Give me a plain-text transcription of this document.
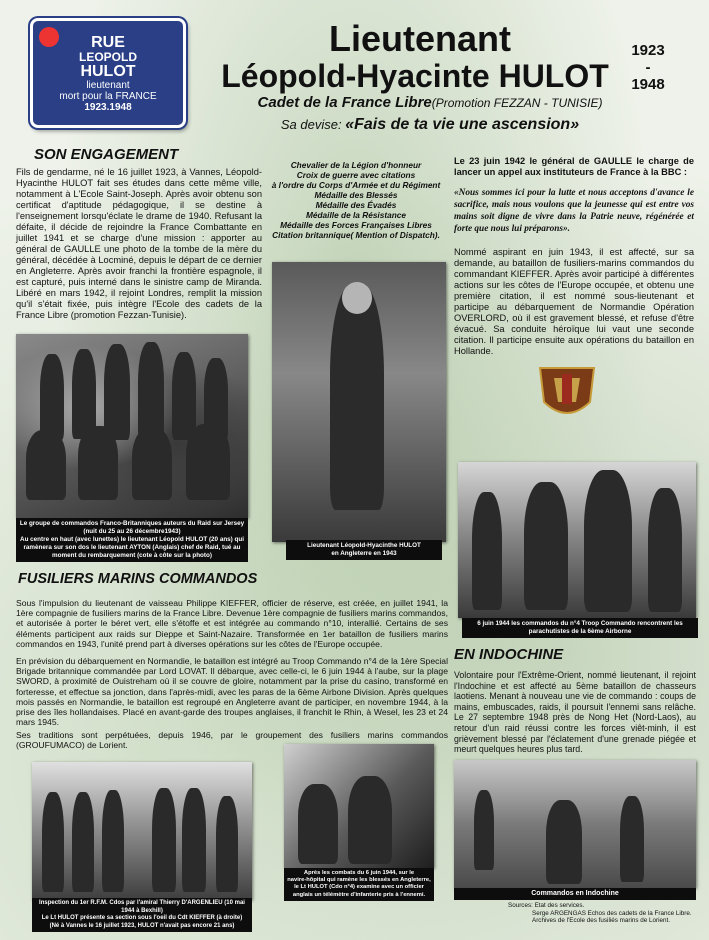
RUE
LEOPOLD
HULOT
lieutenant
mort pour la FRANCE
1923.1948
Lieutenant
Léopold-Hyacinte HULOT
1923
-
1948
Cadet de la France Libre(Promotion FEZZAN - TUNISIE)
Sa devise: «Fais de ta vie une ascension»
SON ENGAGEMENT
Fils de gendarme, né le 16 juillet 1923, à Vannes, Léopold-Hyacinthe HULOT fait ses études dans cette même ville, notamment à L'Ecole Saint-Joseph. Après avoir obtenu son certificat d'aptitude pédagogique, il se destine à l'enseignement lorsqu'éclate le drame de 1940. Refusant la défaite, il décide de rejoindre la France Combattante en juillet 1941 et se charge d'une mission : apporter au général de GAULLE une photo de la tombe de la mère du général, décédée à Locminé, depuis le départ de ce dernier en Angleterre. Après avoir franchi la frontière espagnole, il est capturé, puis interné dans le sinistre camp de Miranda. Libéré en mars 1942, il rejoint Londres, remplit la mission qu'il s'était fixée, puis intègre l'Ecole des cadets de la France Libre (promotion Fezzan-Tunisie).
Chevalier de la Légion d'honneur
Croix de guerre avec citations
à l'ordre du Corps d'Armée et du Régiment
Médaille des Blessés
Médaille des Évadés
Médaille de la Résistance
Médaille des Forces Françaises Libres
Citation britannique( Mention of Dispatch).
Le 23 juin 1942 le général de GAULLE le charge de lancer un appel aux instituteurs de France à la BBC :
«Nous sommes ici pour la lutte et nous acceptons d'avance le sacrifice, mais nous voulons que la jeunesse qui est entre vos mains soit digne de vivre dans la Patrie neuve, régénérée et forte que nous lui préparons».
Nommé aspirant en juin 1943, il est affecté, sur sa demande, au bataillon de fusiliers-marins commandos du commandant KIEFFER. Après avoir participé à différentes actions sur les côtes de l'Europe occupée, et obtenu une première citation, il est nommé sous-lieutenant et participe au débarquement de Normandie Opération OVERLORD, où il est gravement blessé, et refuse d'être évacué. Sa conduite héroïque lui vaut une seconde citation. Il participe ensuite aux opérations du bataillon en Hollande.
Le groupe de commandos Franco-Britanniques auteurs du Raid sur Jersey
(nuit du 25 au 26 décembre1943)
Au centre en haut (avec lunettes) le lieutenant Léopold HULOT (20 ans) qui ramènera sur son dos le lieutenant AYTON (Anglais) chef de Raid, tué au moment du rembarquement (cote à côte sur la photo)
Lieutenant Léopold-Hyacinthe HULOT
en Angleterre en 1943
6 juin 1944 les commandos du n°4 Troop Commando rencontrent les
parachutistes de la 6ème Airborne
FUSILIERS MARINS COMMANDOS
Sous l'impulsion du lieutenant de vaisseau Philippe KIEFFER, officier de réserve, est créée, en juillet 1941, la 1ère compagnie de fusiliers marins de la France Libre. Devenue 1ère compagnie de fusiliers marins commandos, et autorisée à porter le béret vert, elle s'étoffe et est intégrée au commando n°10, interallié. Certains de ses éléments participent aux raids sur Dieppe et Saint-Nazaire. Transformée en 1er bataillon de fusiliers marins commandos en 1943, l'unité prend part à diverses opérations sur les côtes de l'Europe occupée.
En prévision du débarquement en Normandie, le bataillon est intégré au Troop Commando n°4 de la 1ère Special Brigade britannique commandée par Lord LOVAT. Il débarque, avec celle-ci, le 6 juin 1944 à l'aube, sur la plage SWORD, à proximité de Ouistreham où il se couvre de gloire, notamment par la prise du casino, transformé en forteresse, et effectue sa jonction, dans l'après-midi, avec les paras de la 6ème Airbone Division. Après quelques mois passés en Normandie, le bataillon est regroupé en Angleterre avant de participer, en novembre 1944, à la prise des îles hollandaises. Placé en avant-garde des troupes anglaises, il franchit le Rhin, à Wesel, les 23 et 24 mars 1945.
Ses traditions sont perpétuées, depuis 1946, par le groupement des fusiliers marins commandos (GROUFUMACO) de Lorient.
EN INDOCHINE
Volontaire pour l'Extrême-Orient, nommé lieutenant, il rejoint l'Indochine et est affecté au 5ème bataillon de chasseurs laotiens. Menant à nouveau une vie de commando : coups de mains, embuscades, raids, il poursuit l'ennemi sans relâche. Le 27 septembre 1948 près de Nong Het (Nord-Laos), au retour d'un raid réussi contre les forces viêt-minh, il est grièvement blessé par l'éclatement d'une grenade piégée et meurt quelques heures plus tard.
Inspection du 1er R.F.M. Cdos par l'amiral Thierry D'ARGENLIEU (10 mai 1944 à Bexhill)
Le Lt HULOT présente sa section sous l'oeil du Cdt KIEFFER (à droite)
(Né à Vannes le 16 juillet 1923, HULOT n'avait pas encore 21 ans)
Après les combats du 6 juin 1944, sur le
navire-hôpital qui ramène les blessés en Angleterre,
le Lt HULOT (Cdo n°4) examine avec un officier
anglais un télémètre d'infanterie pris à l'ennemi.	Commandos en Indochine
Sources: Etat des services.
Serge ARGENGAS Echos des cadets de la France Libre.
Archives de l'Ecole des fusiliés marins de Lorient.
